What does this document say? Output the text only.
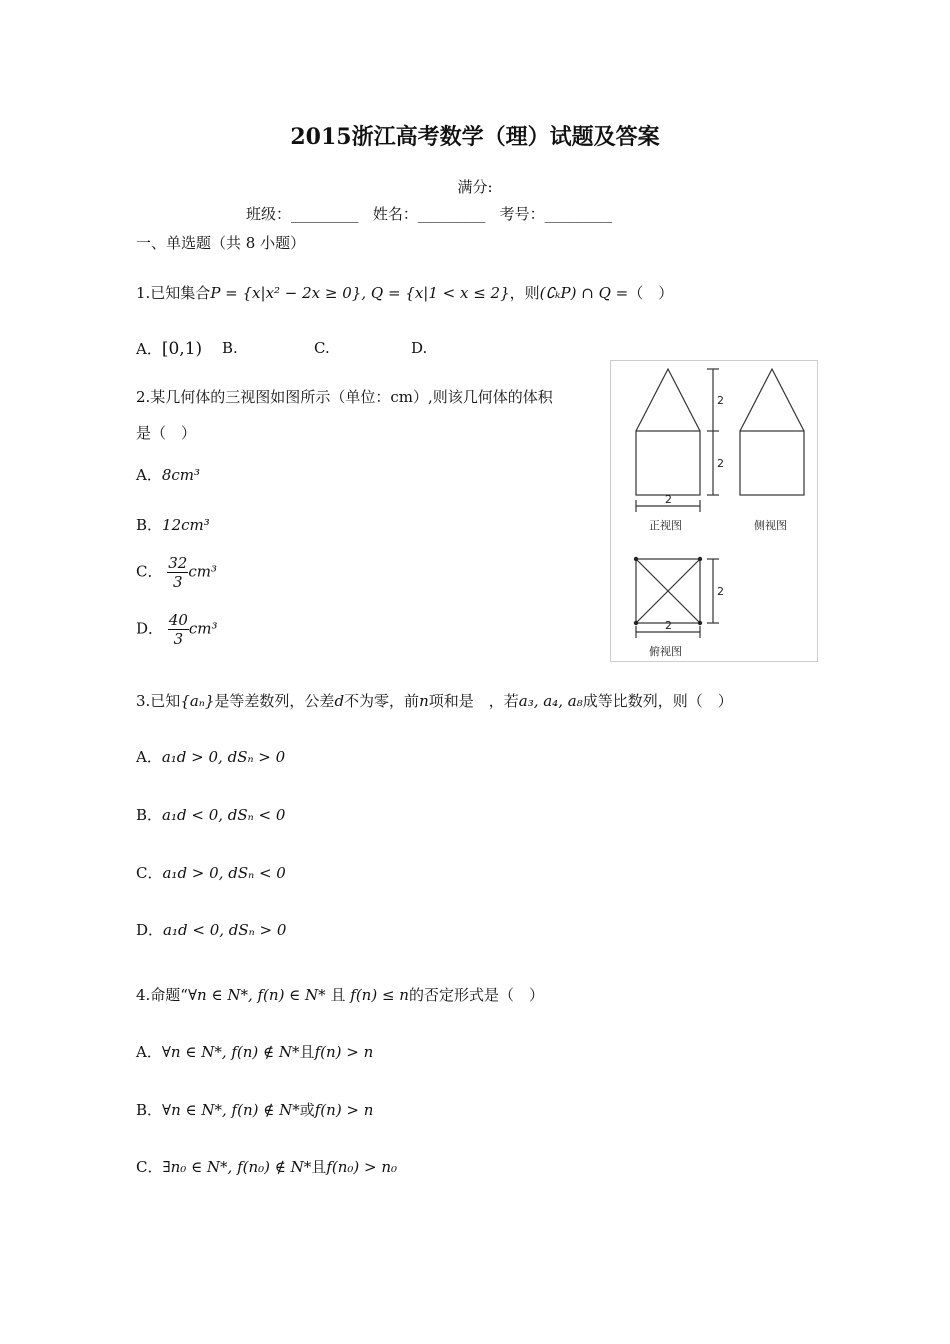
2015浙江高考数学（理）试题及答案
满分:
班级：_________ 姓名：_________ 考号：_________
一、单选题（共 8 小题）
1.已知集合P = {x|x² − 2x ≥ 0}, Q = {x|1 < x ≤ 2}，则(∁ₖP) ∩ Q =（　）
A．[0,1) B.	C.	D.
2.某几何体的三视图如图所示（单位：cm）,则该几何体的体积
是（　）
A．8cm³
B．12cm³
C． $\frac{32}{3} cm^3$
D． $\frac{40}{3} cm^3$
2
2
2
2
2
正视图	侧视图
俯视图
3.已知{aₙ}是等差数列，公差d不为零，前n项和是　，若a₃, a₄, a₈成等比数列，则（　）
A．a₁d > 0, dSₙ > 0
B．a₁d < 0, dSₙ < 0
C．a₁d > 0, dSₙ < 0
D．a₁d < 0, dSₙ > 0
4.命题“∀n ∈ N*, f(n) ∈ N* 且 f(n) ≤ n的否定形式是（　）
A．∀n ∈ N*, f(n) ∉ N*且f(n) > n
B．∀n ∈ N*, f(n) ∉ N*或f(n) > n
C．∃n₀ ∈ N*, f(n₀) ∉ N*且f(n₀) > n₀
